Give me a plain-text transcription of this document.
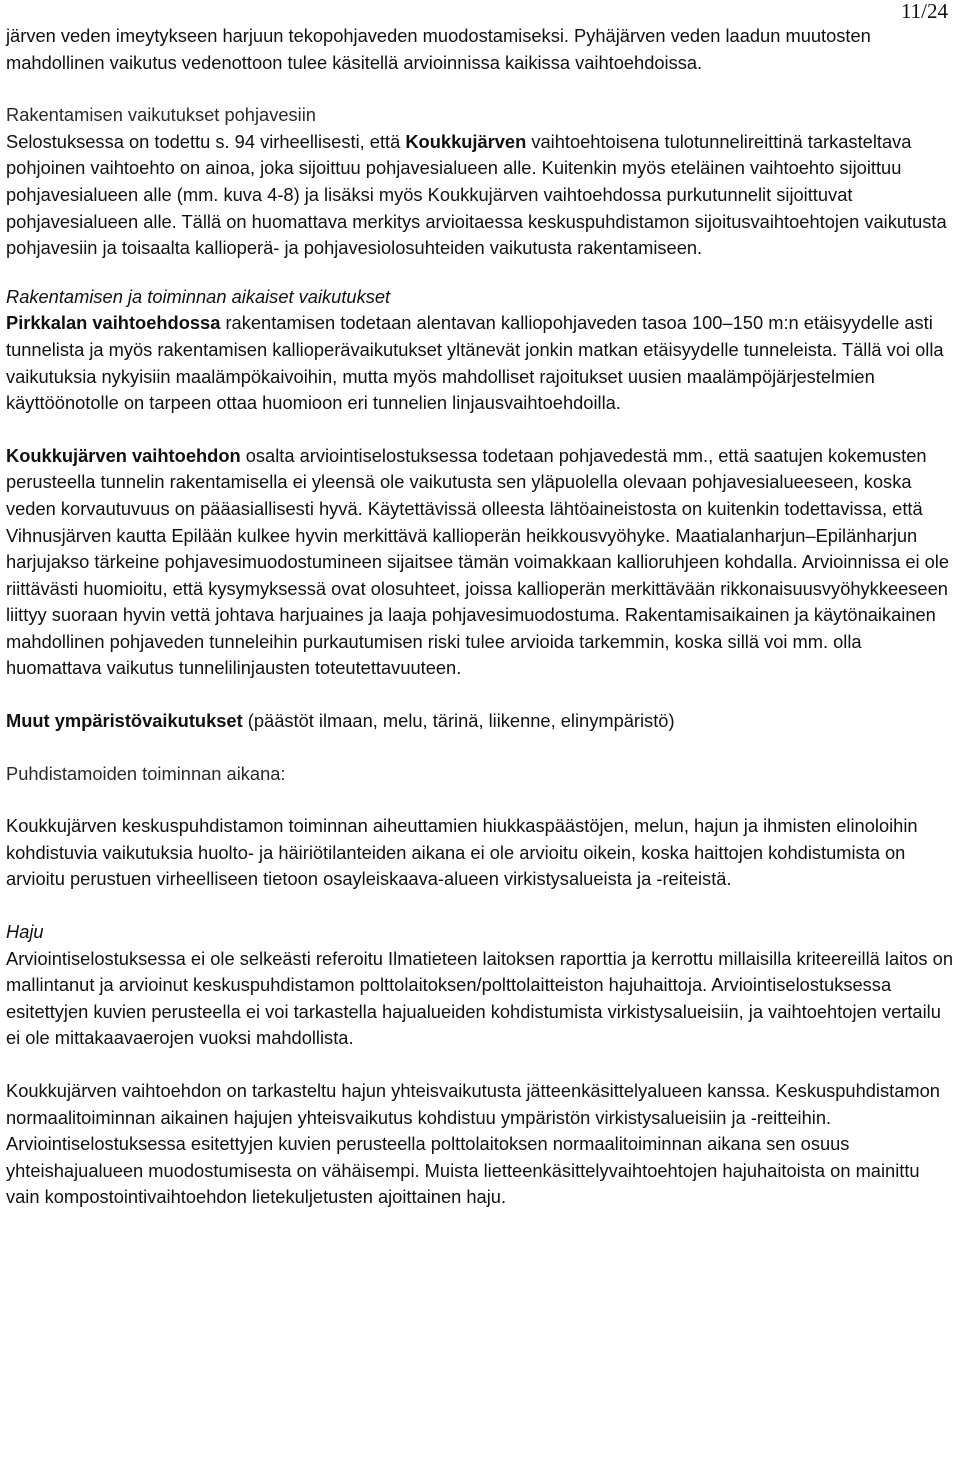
11/24

järven veden imeytykseen harjuun tekopohjaveden muodostamiseksi. Pyhäjärven veden laadun muutosten mahdollinen vaikutus vedenottoon tulee käsitellä arvioinnissa kaikissa vaihtoehdoissa.

Rakentamisen vaikutukset pohjavesiin

Selostuksessa on todettu s. 94 virheellisesti, että Koukkujärven vaihtoehtoisena tulotunnelireittinä tarkasteltava pohjoinen vaihtoehto on ainoa, joka sijoittuu pohjavesialueen alle. Kuitenkin myös eteläinen vaihtoehto sijoittuu pohjavesialueen alle (mm. kuva 4-8) ja lisäksi myös Koukkujärven vaihtoehdossa purkutunnelit sijoittuvat pohjavesialueen alle. Tällä on huomattava merkitys arvioitaessa keskuspuhdistamon sijoitusvaihtoehtojen vaikutusta pohjavesiin ja toisaalta kallioperä- ja pohjavesiolosuhteiden vaikutusta rakentamiseen.

Rakentamisen ja toiminnan aikaiset vaikutukset

Pirkkalan vaihtoehdossa rakentamisen todetaan alentavan kalliopohjaveden tasoa 100–150 m:n etäisyydelle asti tunnelista ja myös rakentamisen kallioperävaikutukset yltänevät jonkin matkan etäisyydelle tunneleista. Tällä voi olla vaikutuksia nykyisiin maalämpökaivoihin, mutta myös mahdolliset rajoitukset uusien maalämpöjärjestelmien käyttöönotolle on tarpeen ottaa huomioon eri tunnelien linjausvaihtoehdoilla.

Koukkujärven vaihtoehdon osalta arviointiselostuksessa todetaan pohjavedestä mm., että saatujen kokemusten perusteella tunnelin rakentamisella ei yleensä ole vaikutusta sen yläpuolella olevaan pohjavesialueeseen, koska veden korvautuvuus on pääasiallisesti hyvä. Käytettävissä olleesta lähtöaineistosta on kuitenkin todettavissa, että Vihnusjärven kautta Epilään kulkee hyvin merkittävä kallioperän heikkousvyöhyke. Maatialanharjun–Epilänharjun harjujakso tärkeine pohjavesimuodostumineen sijaitsee tämän voimakkaan kallioruhjeen kohdalla. Arvioinnissa ei ole riittävästi huomioitu, että kysymyksessä ovat olosuhteet, joissa kallioperän merkittävään rikkonaisuusvyöhykkeeseen liittyy suoraan hyvin vettä johtava harjuaines ja laaja pohjavesimuodostuma. Rakentamisaikainen ja käytönaikainen mahdollinen pohjaveden tunneleihin purkautumisen riski tulee arvioida tarkemmin, koska sillä voi mm. olla huomattava vaikutus tunnelilinjausten toteutettavuuteen.

Muut ympäristövaikutukset (päästöt ilmaan, melu, tärinä, liikenne, elinympäristö)

Puhdistamoiden toiminnan aikana:

Koukkujärven keskuspuhdistamon toiminnan aiheuttamien hiukkaspäästöjen, melun, hajun ja ihmisten elinoloihin kohdistuvia vaikutuksia huolto- ja häiriötilanteiden aikana ei ole arvioitu oikein, koska haittojen kohdistumista on arvioitu perustuen virheelliseen tietoon osayleiskaava-alueen virkistysalueista ja -reiteistä.

Haju

Arviointiselostuksessa ei ole selkeästi referoitu Ilmatieteen laitoksen raporttia ja kerrottu millaisilla kriteereillä laitos on mallintanut ja arvioinut keskuspuhdistamon polttolaitoksen/polttolaitteiston hajuhaittoja. Arviointiselostuksessa esitettyjen kuvien perusteella ei voi tarkastella hajualueiden kohdistumista virkistysalueisiin, ja vaihtoehtojen vertailu ei ole mittakaavaerojen vuoksi mahdollista.

Koukkujärven vaihtoehdon on tarkasteltu hajun yhteisvaikutusta jätteenkäsittelyalueen kanssa. Keskuspuhdistamon normaalitoiminnan aikainen hajujen yhteisvaikutus kohdistuu ympäristön virkistysalueisiin ja -reitteihin. Arviointiselostuksessa esitettyjen kuvien perusteella polttolaitoksen normaalitoiminnan aikana sen osuus yhteishajualueen muodostumisesta on vähäisempi. Muista lietteenkäsittelyvaihtoehtojen hajuhaitoista on mainittu vain kompostointivaihtoehdon lietekuljetusten ajoittainen haju.
